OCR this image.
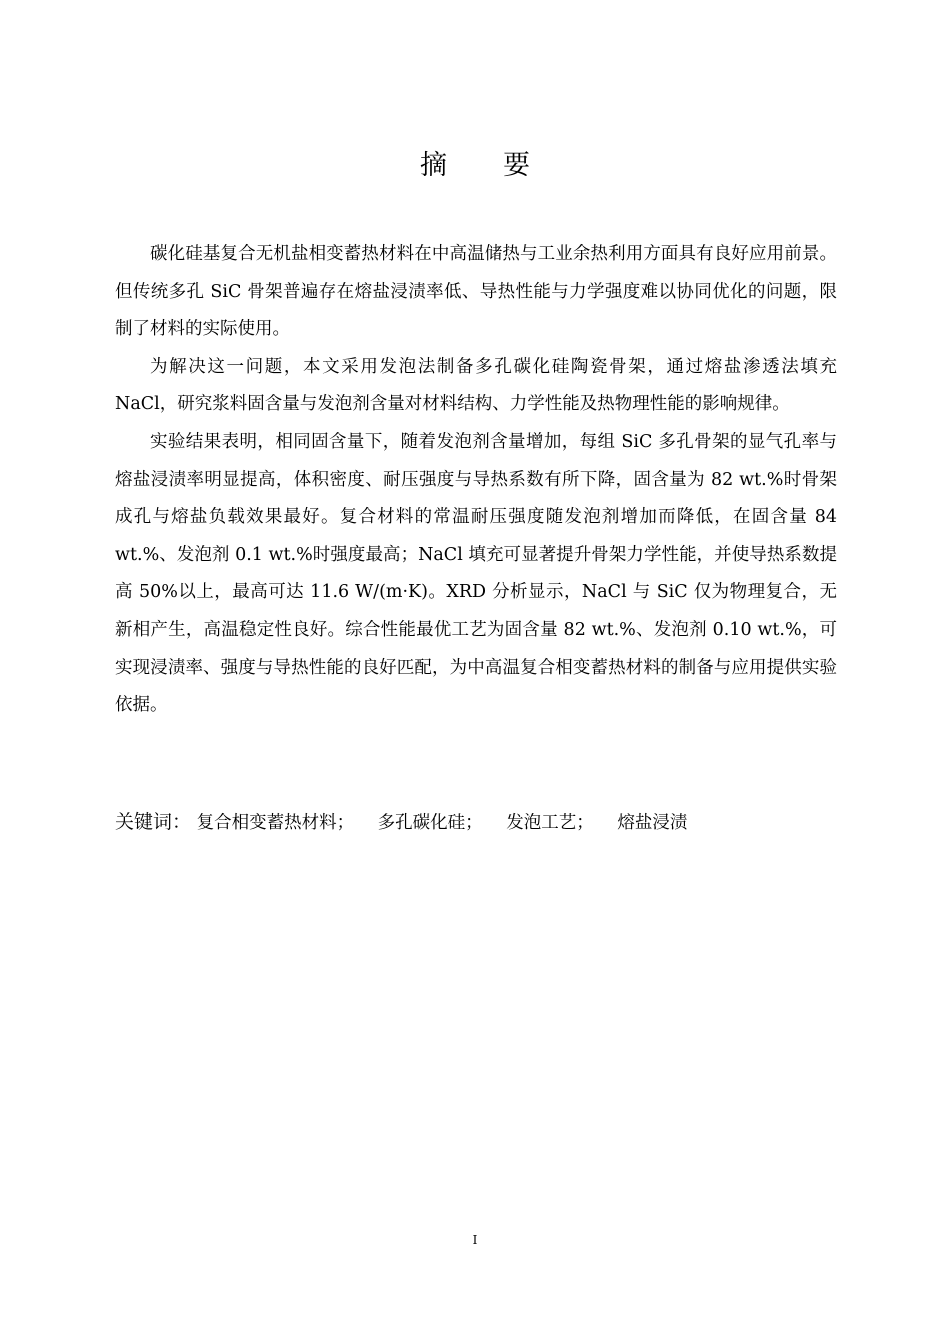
摘要

碳化硅基复合无机盐相变蓄热材料在中高温储热与工业余热利用方面具有良好应用前景。但传统多孔 SiC 骨架普遍存在熔盐浸渍率低、导热性能与力学强度难以协同优化的问题，限制了材料的实际使用。

为解决这一问题，本文采用发泡法制备多孔碳化硅陶瓷骨架，通过熔盐渗透法填充 NaCl，研究浆料固含量与发泡剂含量对材料结构、力学性能及热物理性能的影响规律。

实验结果表明，相同固含量下，随着发泡剂含量增加，每组 SiC 多孔骨架的显气孔率与熔盐浸渍率明显提高，体积密度、耐压强度与导热系数有所下降，固含量为 82 wt.%时骨架成孔与熔盐负载效果最好。复合材料的常温耐压强度随发泡剂增加而降低，在固含量 84 wt.%、发泡剂 0.1 wt.%时强度最高；NaCl 填充可显著提升骨架力学性能，并使导热系数提高 50%以上，最高可达 11.6 W/(m·K)。XRD 分析显示，NaCl 与 SiC 仅为物理复合，无新相产生，高温稳定性良好。综合性能最优工艺为固含量 82 wt.%、发泡剂 0.10 wt.%，可实现浸渍率、强度与导热性能的良好匹配，为中高温复合相变蓄热材料的制备与应用提供实验依据。

关键词： 复合相变蓄热材料； 多孔碳化硅； 发泡工艺； 熔盐浸渍
I
